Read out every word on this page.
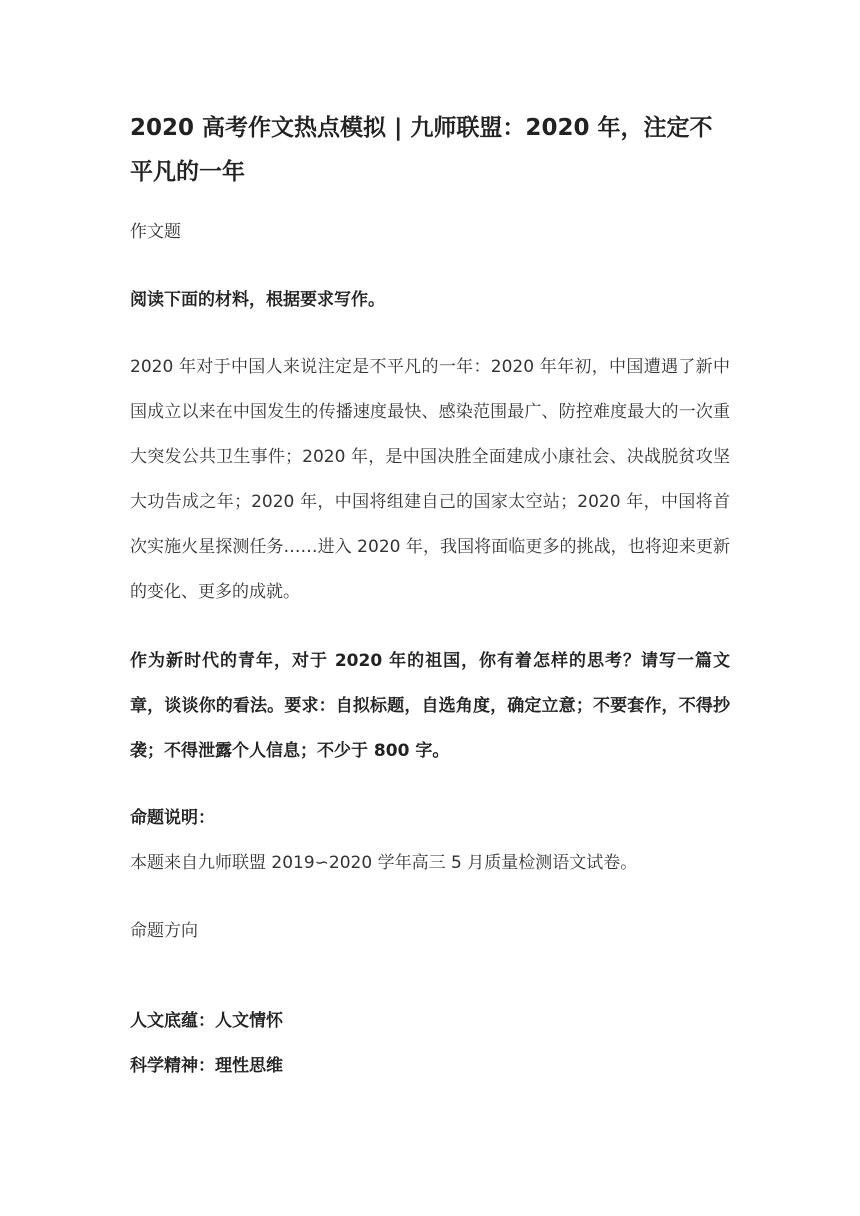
2020 高考作文热点模拟 | 九师联盟：2020 年，注定不平凡的一年

作文题

阅读下面的材料，根据要求写作。

2020 年对于中国人来说注定是不平凡的一年：2020 年年初，中国遭遇了新中国成立以来在中国发生的传播速度最快、感染范围最广、防控难度最大的一次重大突发公共卫生事件；2020 年，是中国决胜全面建成小康社会、决战脱贫攻坚大功告成之年；2020 年，中国将组建自己的国家太空站；2020 年，中国将首次实施火星探测任务……进入 2020 年，我国将面临更多的挑战，也将迎来更新的变化、更多的成就。

作为新时代的青年，对于 2020 年的祖国，你有着怎样的思考？请写一篇文章，谈谈你的看法。要求：自拟标题，自选角度，确定立意；不要套作，不得抄袭；不得泄露个人信息；不少于 800 字。

命题说明：

本题来自九师联盟 2019∽2020 学年高三 5 月质量检测语文试卷。

命题方向

人文底蕴：人文情怀

科学精神：理性思维
